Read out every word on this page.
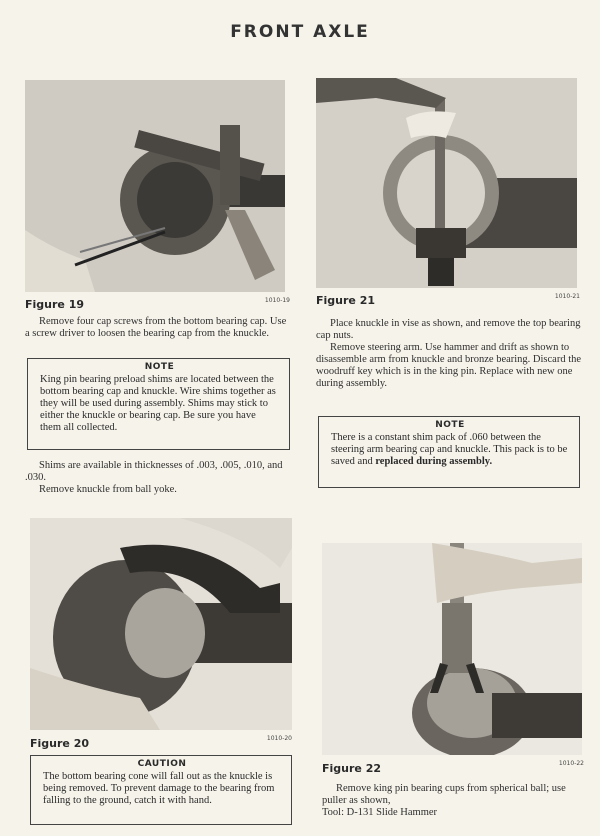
FRONT AXLE
Figure 19	1010-19

Remove four cap screws from the bottom bearing cap. Use a screw driver to loosen the bearing cap from the knuckle.

NOTE
King pin bearing preload shims are located between the bottom bearing cap and knuckle. Wire shims together as they will be used during assembly. Shims may stick to either the knuckle or bearing cap. Be sure you have them all collected.

Shims are available in thicknesses of .003, .005, .010, and .030.

Remove knuckle from ball yoke.

Figure 20	1010-20
CAUTION
The bottom bearing cone will fall out as the knuckle is being removed. To prevent damage to the bearing from falling to the ground, catch it with hand.
Figure 21	1010-21

Place knuckle in vise as shown, and remove the top bearing cap nuts.

Remove steering arm. Use hammer and drift as shown to disassemble arm from knuckle and bronze bearing. Discard the woodruff key which is in the king pin. Replace with new one during assembly.

NOTE
There is a constant shim pack of .060 between the steering arm bearing cap and knuckle. This pack is to be saved and replaced during assembly.
Figure 22	1010-22

Remove king pin bearing cups from spherical ball; use puller as shown,

Tool: D-131 Slide Hammer
